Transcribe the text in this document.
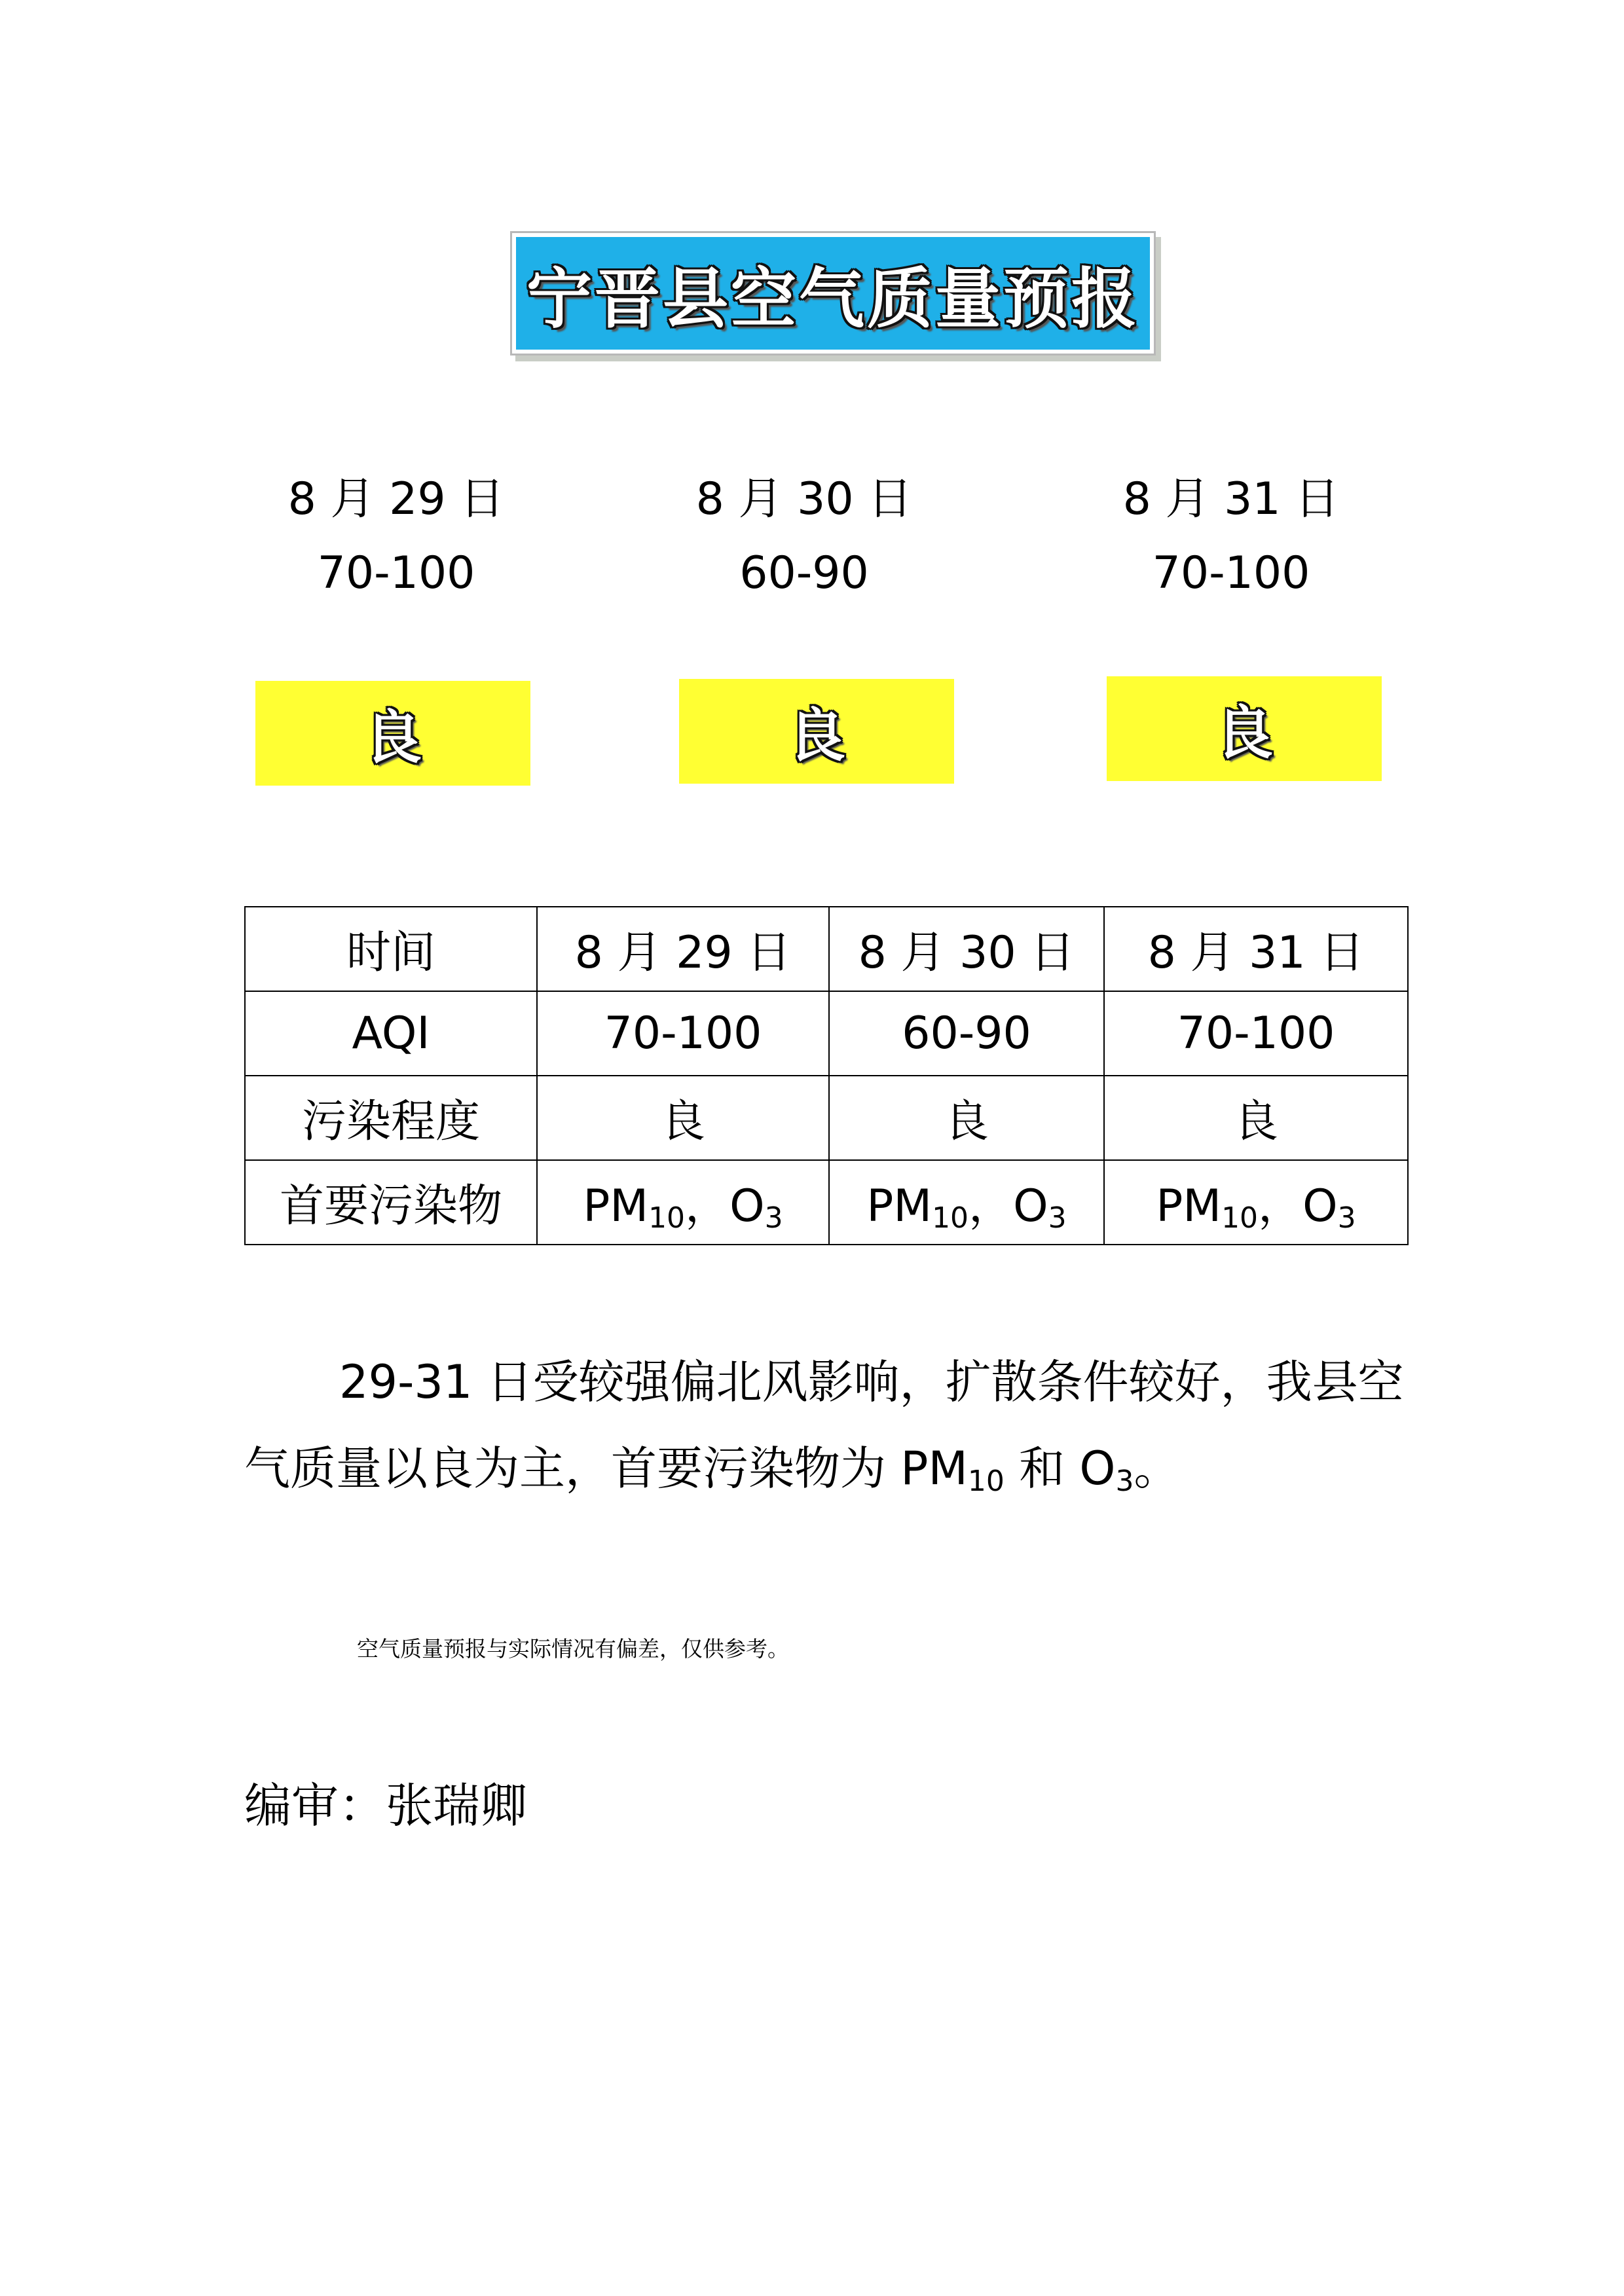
宁晋县空气质量预报
8 月 29 日
70-100
8 月 30 日
60-90
8 月 31 日
70-100
良	良	良
时间	8 月 29 日	8 月 30 日	8 月 31 日
AQI	70-100	60-90	70-100
污染程度	良	良	良
首要污染物	$PM_{10}$，$O_3$	$PM_{10}$，$O_3$	$PM_{10}$，$O_3$
29-31 日受较强偏北风影响，扩散条件较好，我县空气质量以良为主，首要污染物为 $PM_{10}$ 和 $O_3$。
空气质量预报与实际情况有偏差，仅供参考。
编审：张瑞卿
